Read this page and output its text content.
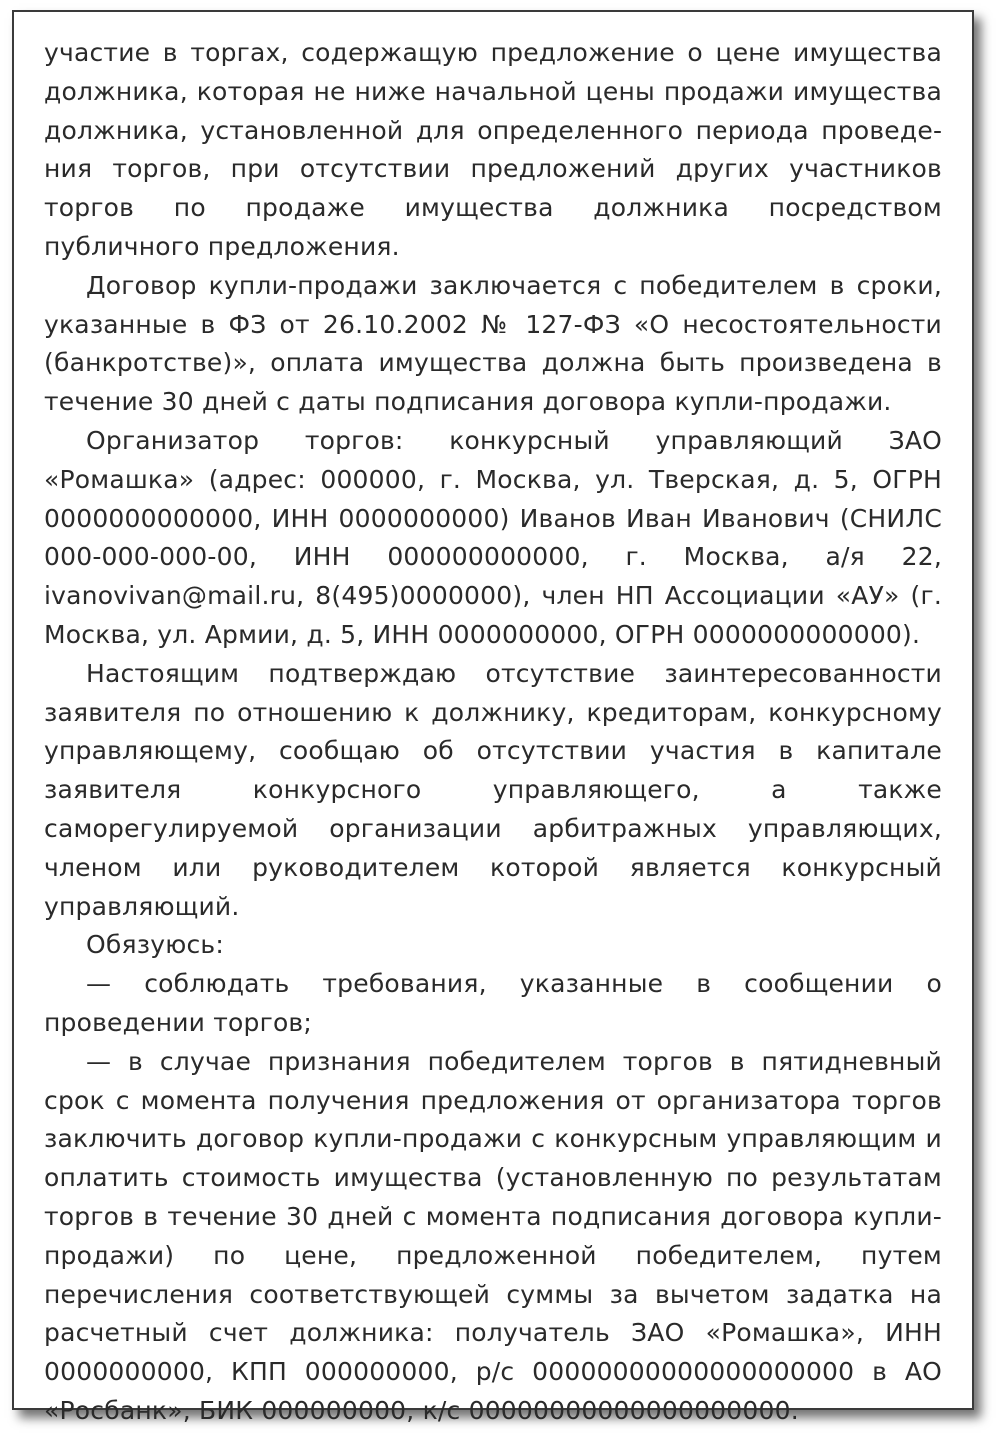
участие в торгах, содержащую предложение о цене имущества должника, которая не ниже начальной цены продажи имущества должника, установленной для определенного периода проведения торгов, при отсутствии предложений других участников торгов по продаже имущества должника посредством публичного предложения.

Договор купли-продажи заключается с победителем в сроки, указанные в ФЗ от 26.10.2002 № 127-ФЗ «О несостоятельности (банкротстве)», оплата имущества должна быть произведена в течение 30 дней с даты подписания договора купли-продажи.

Организатор торгов: конкурсный управляющий ЗАО «Ромашка» (адрес: 000000, г. Москва, ул. Тверская, д. 5, ОГРН 0000000000000, ИНН 0000000000) Иванов Иван Иванович (СНИЛС 000-000-000-00, ИНН 000000000000, г. Москва, а/я 22, ivanovivan@mail.ru, 8(495)0000000), член НП Ассоциации «АУ» (г. Москва, ул. Армии, д. 5, ИНН 0000000000, ОГРН 0000000000000).

Настоящим подтверждаю отсутствие заинтересованности заявителя по отношению к должнику, кредиторам, конкурсному управляющему, сообщаю об отсутствии участия в капитале заявителя конкурсного управляющего, а также саморегулируемой организации арбитражных управляющих, членом или руководителем которой является конкурсный управляющий.

Обязуюсь:

— соблюдать требования, указанные в сообщении о проведении торгов;

— в случае признания победителем торгов в пятидневный срок с момента получения предложения от организатора торгов заключить договор купли-продажи с конкурсным управляющим и оплатить стоимость имущества (установленную по результатам торгов в течение 30 дней с момента подписания договора купли-продажи) по цене, предложенной победителем, путем перечисления соответствующей суммы за вычетом задатка на расчетный счет должника: получатель ЗАО «Ромашка», ИНН 0000000000, КПП 000000000, р/с 00000000000000000000 в АО «Росбанк», БИК 000000000, к/с 00000000000000000000.
